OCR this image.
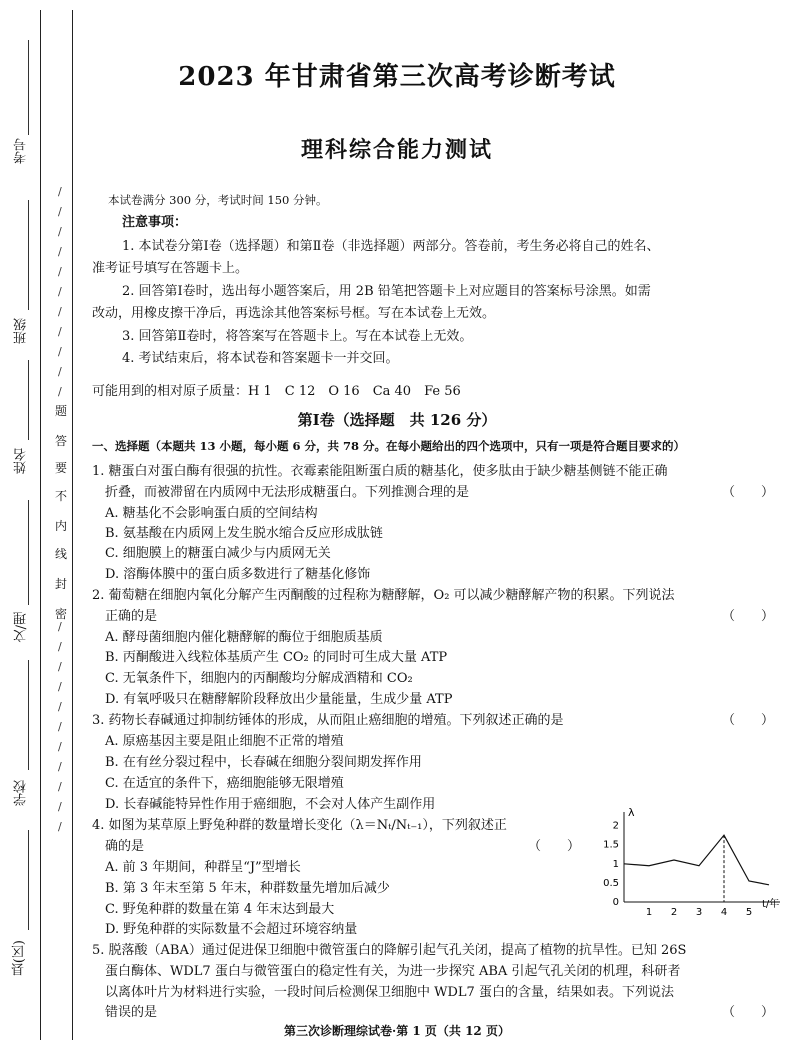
考号
班级
姓名
文/理
学校
县(区)
题
答
要
不
内
线
封
密
/
/
/
/
/
/
/
/
/
/
/
/
/
/
/
/
/
/
/
/
/
/
2023 年甘肃省第三次高考诊断考试
理科综合能力测试
本试卷满分 300 分，考试时间 150 分钟。
注意事项：
1. 本试卷分第Ⅰ卷（选择题）和第Ⅱ卷（非选择题）两部分。答卷前，考生务必将自己的姓名、
准考证号填写在答题卡上。
2. 回答第Ⅰ卷时，选出每小题答案后，用 2B 铅笔把答题卡上对应题目的答案标号涂黑。如需
改动，用橡皮擦干净后，再选涂其他答案标号框。写在本试卷上无效。
3. 回答第Ⅱ卷时，将答案写在答题卡上。写在本试卷上无效。
4. 考试结束后，将本试卷和答案题卡一并交回。
可能用到的相对原子质量：H 1　C 12　O 16　Ca 40　Fe 56
第Ⅰ卷（选择题　共 126 分）
一、选择题（本题共 13 小题，每小题 6 分，共 78 分。在每小题给出的四个选项中，只有一项是符合题目要求的）
1. 糖蛋白对蛋白酶有很强的抗性。衣霉素能阻断蛋白质的糖基化，使多肽由于缺少糖基侧链不能正确
折叠，而被滞留在内质网中无法形成糖蛋白。下列推测合理的是	（　　）
A. 糖基化不会影响蛋白质的空间结构
B. 氨基酸在内质网上发生脱水缩合反应形成肽链
C. 细胞膜上的糖蛋白减少与内质网无关
D. 溶酶体膜中的蛋白质多数进行了糖基化修饰
2. 葡萄糖在细胞内氧化分解产生丙酮酸的过程称为糖酵解，O₂ 可以减少糖酵解产物的积累。下列说法
正确的是	（　　）
A. 酵母菌细胞内催化糖酵解的酶位于细胞质基质
B. 丙酮酸进入线粒体基质产生 CO₂ 的同时可生成大量 ATP
C. 无氧条件下，细胞内的丙酮酸均分解成酒精和 CO₂
D. 有氧呼吸只在糖酵解阶段释放出少量能量，生成少量 ATP
3. 药物长春碱通过抑制纺锤体的形成，从而阻止癌细胞的增殖。下列叙述正确的是	（　　）
A. 原癌基因主要是阻止细胞不正常的增殖
B. 在有丝分裂过程中，长春碱在细胞分裂间期发挥作用
C. 在适宜的条件下，癌细胞能够无限增殖
D. 长春碱能特异性作用于癌细胞，不会对人体产生副作用
4. 如图为某草原上野兔种群的数量增长变化（λ＝Nₜ/Nₜ₋₁），下列叙述正
确的是	（　　）
A. 前 3 年期间，种群呈“J”型增长
B. 第 3 年末至第 5 年末，种群数量先增加后减少
C. 野兔种群的数量在第 4 年末达到最大
D. 野兔种群的实际数量不会超过环境容纳量
λ
t/年
0
0.5
1
1.5
2
1 2 3 4 5
5. 脱落酸（ABA）通过促进保卫细胞中微管蛋白的降解引起气孔关闭，提高了植物的抗旱性。已知 26S
蛋白酶体、WDL7 蛋白与微管蛋白的稳定性有关，为进一步探究 ABA 引起气孔关闭的机理，科研者
以离体叶片为材料进行实验，一段时间后检测保卫细胞中 WDL7 蛋白的含量，结果如表。下列说法
错误的是	（　　）
第三次诊断理综试卷·第 1 页（共 12 页）
